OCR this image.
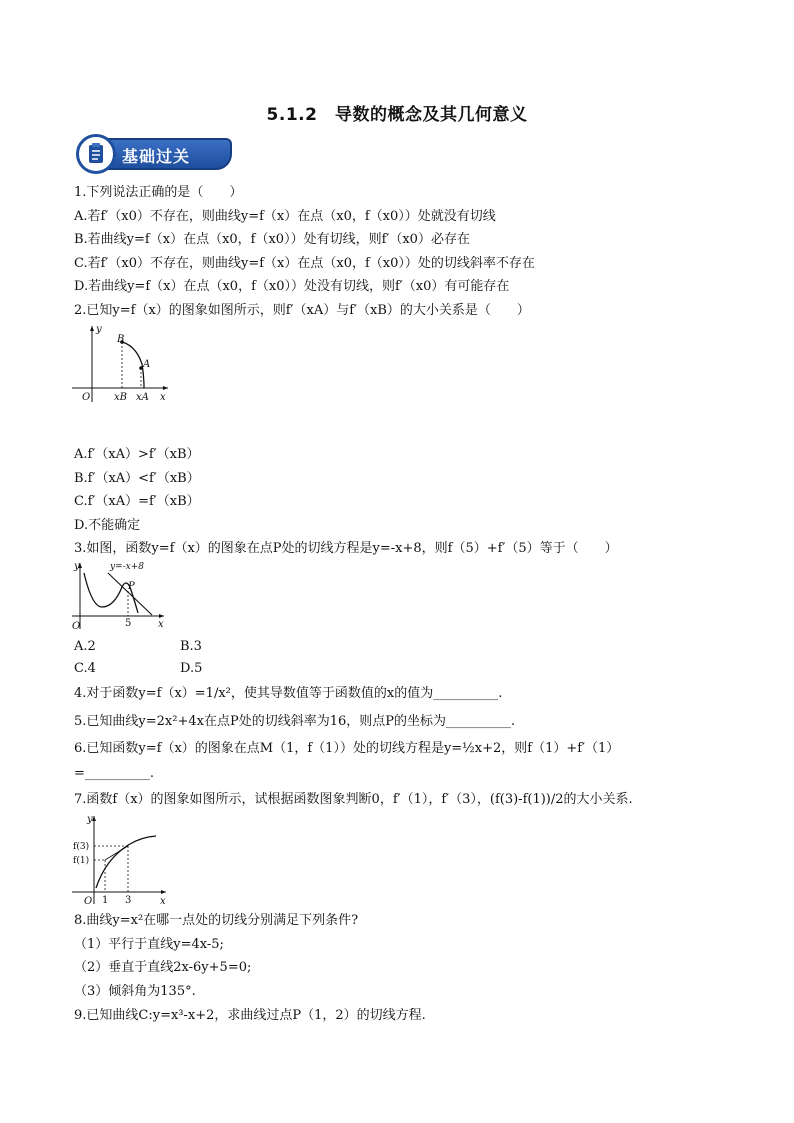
5.1.2　导数的概念及其几何意义
基础过关
1.下列说法正确的是（　　）
A.若f′（x0）不存在，则曲线y=f（x）在点（x0，f（x0））处就没有切线
B.若曲线y=f（x）在点（x0，f（x0））处有切线，则f′（x0）必存在
C.若f′（x0）不存在，则曲线y=f（x）在点（x0，f（x0））处的切线斜率不存在
D.若曲线y=f（x）在点（x0，f（x0））处没有切线，则f′（x0）有可能存在
2.已知y=f（x）的图象如图所示，则f′（xA）与f′（xB）的大小关系是（　　）
y
x
O
B
A
xB xA
A.f′（xA）>f′（xB）
B.f′（xA）<f′（xB）
C.f′（xA）=f′（xB）
D.不能确定
3.如图，函数y=f（x）的图象在点P处的切线方程是y=-x+8，则f（5）+f′（5）等于（　　）
y
x
O
y=-x+8
P
5
A.2	B.3
C.4	D.5
4.对于函数y=f（x）=1/x²，使其导数值等于函数值的x的值为__________.
5.已知曲线y=2x²+4x在点P处的切线斜率为16，则点P的坐标为__________.
6.已知函数y=f（x）的图象在点M（1，f（1））处的切线方程是y=½x+2，则f（1）+f′（1）
=__________.
7.函数f（x）的图象如图所示，试根据函数图象判断0，f′（1），f′（3），(f(3)-f(1))/2的大小关系.
y
x
O
f(3)
f(1)
1 3
8.曲线y=x²在哪一点处的切线分别满足下列条件?
（1）平行于直线y=4x-5;
（2）垂直于直线2x-6y+5=0;
（3）倾斜角为135°.
9.已知曲线C:y=x³-x+2，求曲线过点P（1，2）的切线方程.
